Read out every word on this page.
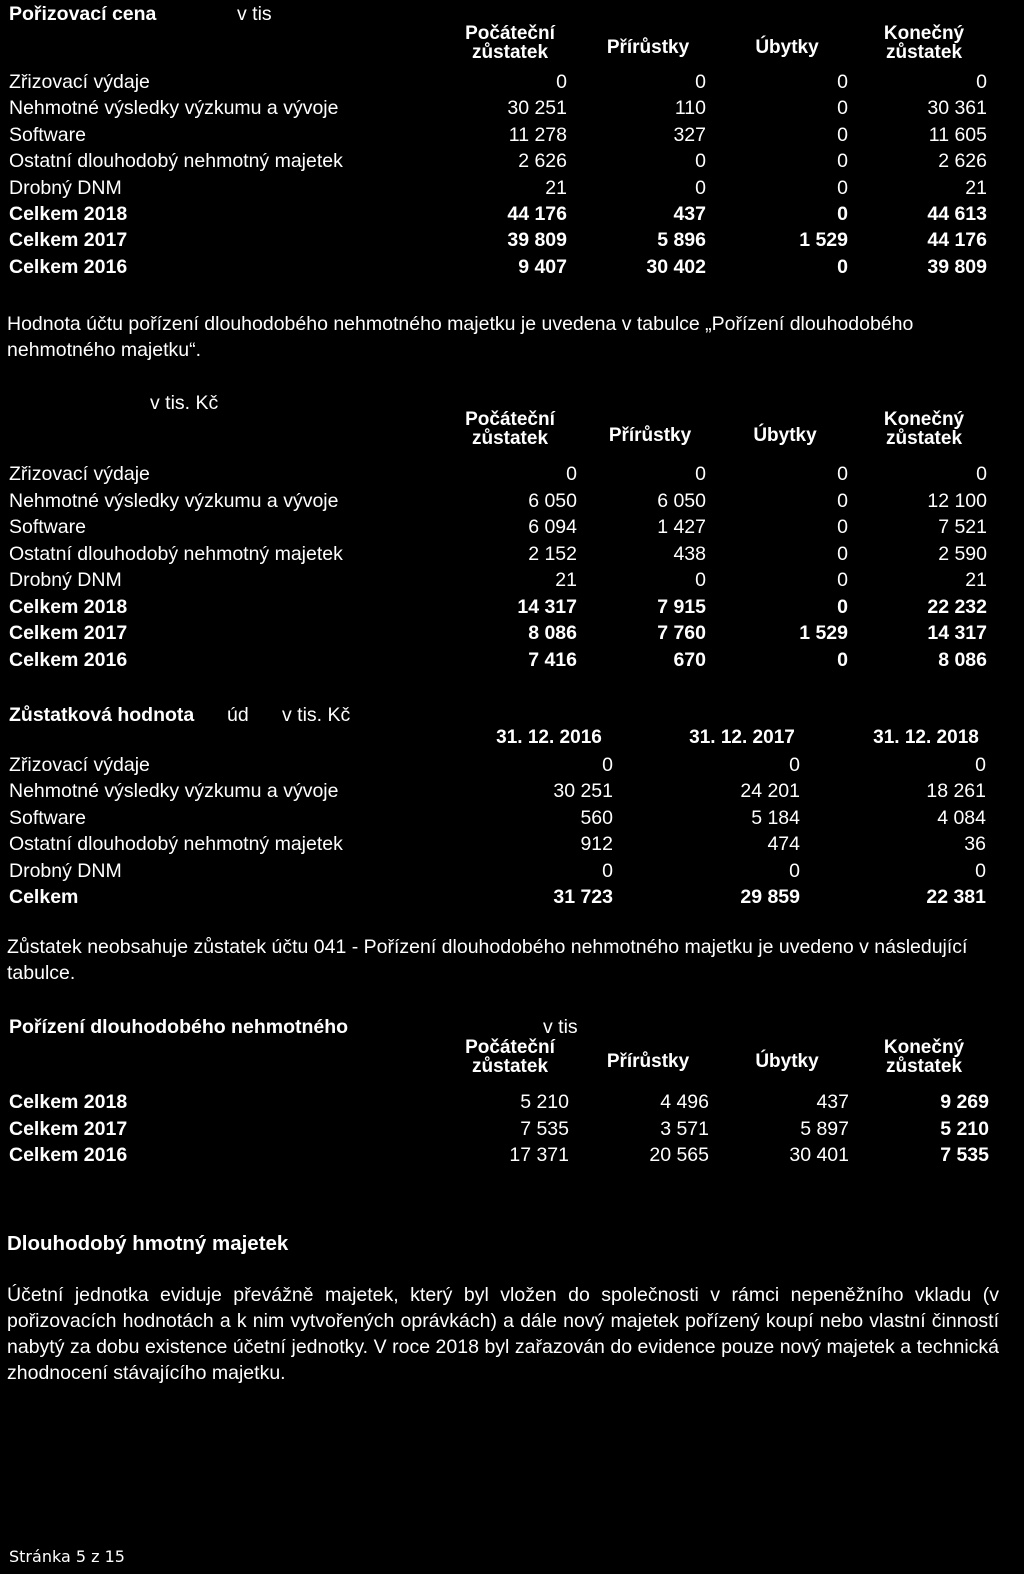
Pořizovací cena	v tis
Počáteční
zůstatek	Přírůstky	Úbytky
Konečný
zůstatek
Zřizovací výdaje	0	0	0	0
Nehmotné výsledky výzkumu a vývoje	30 251	110	0	30 361
Software	11 278	327	0	11 605
Ostatní dlouhodobý nehmotný majetek	2 626	0	0	2 626
Drobný DNM	21	0	0	21
Celkem 2018	44 176	437	0	44 613
Celkem 2017	39 809	5 896	1 529	44 176
Celkem 2016	9 407	30 402	0	39 809
Hodnota účtu pořízení dlouhodobého nehmotného majetku je uvedena v tabulce „Pořízení dlouhodobého nehmotného majetku“.
v tis. Kč
Počáteční
zůstatek	Přírůstky	Úbytky
Konečný
zůstatek
Zřizovací výdaje	0	0	0	0
Nehmotné výsledky výzkumu a vývoje	6 050	6 050	0	12 100
Software	6 094	1 427	0	7 521
Ostatní dlouhodobý nehmotný majetek	2 152	438	0	2 590
Drobný DNM	21	0	0	21
Celkem 2018	14 317	7 915	0	22 232
Celkem 2017	8 086	7 760	1 529	14 317
Celkem 2016	7 416	670	0	8 086
Zůstatková hodnota úd v tis. Kč
31. 12. 2016	31. 12. 2017	31. 12. 2018
Zřizovací výdaje	0	0	0
Nehmotné výsledky výzkumu a vývoje	30 251	24 201	18 261
Software	560	5 184	4 084
Ostatní dlouhodobý nehmotný majetek	912	474	36
Drobný DNM	0	0	0
Celkem	31 723	29 859	22 381
Zůstatek neobsahuje zůstatek účtu 041 - Pořízení dlouhodobého nehmotného majetku je uvedeno v následující tabulce.
Pořízení dlouhodobého nehmotného	v tis
Počáteční
zůstatek	Přírůstky	Úbytky
Konečný
zůstatek
Celkem 2018	5 210	4 496	437	9 269
Celkem 2017	7 535	3 571	5 897	5 210
Celkem 2016	17 371	20 565	30 401	7 535
Dlouhodobý hmotný majetek
Účetní jednotka eviduje převážně majetek, který byl vložen do společnosti v rámci nepeněžního vkladu (v pořizovacích hodnotách a k nim vytvořených oprávkách) a dále nový majetek pořízený koupí nebo vlastní činností nabytý za dobu existence účetní jednotky. V roce 2018 byl zařazován do evidence pouze nový majetek a technická zhodnocení stávajícího majetku.
Stránka 5 z 15
